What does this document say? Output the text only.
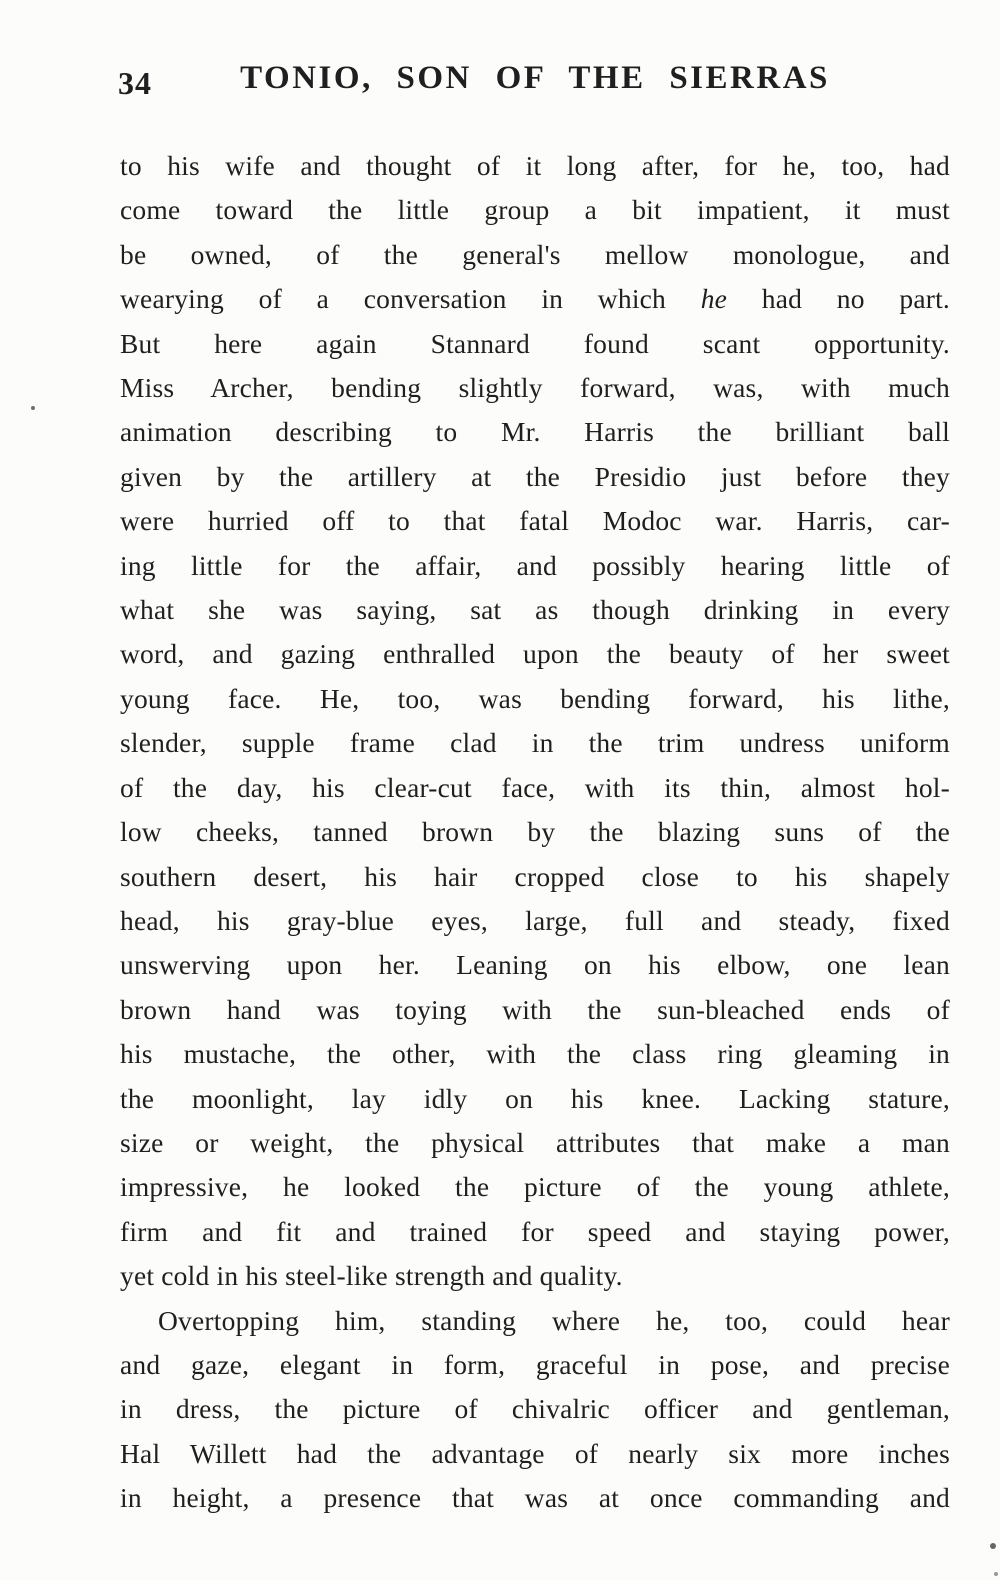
34	TONIO, SON OF THE SIERRAS
to his wife and thought of it long after, for he, too, had
come toward the little group a bit impatient, it must
be owned, of the general's mellow monologue, and
wearying of a conversation in which he had no part.
But here again Stannard found scant opportunity.
Miss Archer, bending slightly forward, was, with much
animation describing to Mr. Harris the brilliant ball
given by the artillery at the Presidio just before they
were hurried off to that fatal Modoc war. Harris, car-
ing little for the affair, and possibly hearing little of
what she was saying, sat as though drinking in every
word, and gazing enthralled upon the beauty of her sweet
young face. He, too, was bending forward, his lithe,
slender, supple frame clad in the trim undress uniform
of the day, his clear-cut face, with its thin, almost hol-
low cheeks, tanned brown by the blazing suns of the
southern desert, his hair cropped close to his shapely
head, his gray-blue eyes, large, full and steady, fixed
unswerving upon her. Leaning on his elbow, one lean
brown hand was toying with the sun-bleached ends of
his mustache, the other, with the class ring gleaming in
the moonlight, lay idly on his knee. Lacking stature,
size or weight, the physical attributes that make a man
impressive, he looked the picture of the young athlete,
firm and fit and trained for speed and staying power,
yet cold in his steel-like strength and quality.
Overtopping him, standing where he, too, could hear
and gaze, elegant in form, graceful in pose, and precise
in dress, the picture of chivalric officer and gentleman,
Hal Willett had the advantage of nearly six more inches
in height, a presence that was at once commanding and
